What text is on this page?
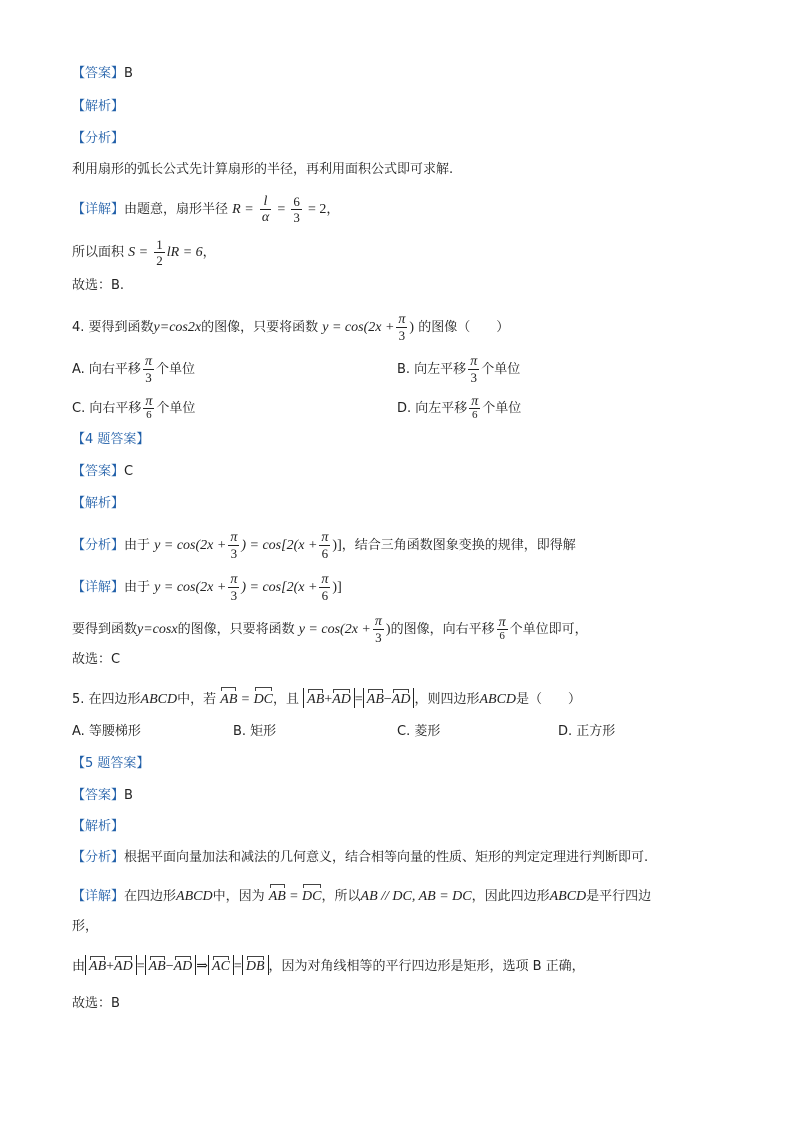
【答案】B
【解析】
【分析】
利用扇形的弧长公式先计算扇形的半径，再利用面积公式即可求解.
【详解】由题意，扇形半径 $R = \frac{l}{\alpha} = \frac{6}{3} = 2$，
所以面积 $S = \frac{1}{2}$ lR = 6，
故选：B.
4. 要得到函数y=cos2x的图像，只要将函数 $y = \cos(2x + \frac{\pi}{3}$ ) 的图像（　　）
A. 向右平移 $\frac{\pi}{3}$ 个单位	B. 向左平移 $\frac{\pi}{3}$ 个单位
C. 向右平移 $\frac{\pi}{6}$ 个单位	D. 向左平移 $\frac{\pi}{6}$ 个单位
【4 题答案】
【答案】C
【解析】
【分析】由于 $y = \cos(2x + \frac{\pi}{3}$ ) = $\cos[2(x + \frac{\pi}{6}$ )]，结合三角函数图象变换的规律，即得解
【详解】由于 $y = \cos(2x + \frac{\pi}{3}$ ) = $\cos[2(x + \frac{\pi}{6}$ )]
要得到函数y=cosx的图像，只要将函数 $y = \cos(2x + \frac{\pi}{3}$ )的图像，向右平移 $\frac{\pi}{6}$ 个单位即可，
故选：C
5. 在四边形ABCD中，若 AB = DC，且 AB+AD = AB−AD ，则四边形ABCD是（　　）
A. 等腰梯形	B. 矩形	C. 菱形	D. 正方形
【5 题答案】
【答案】B
【解析】
【分析】根据平面向量加法和减法的几何意义，结合相等向量的性质、矩形的判定定理进行判断即可.
【详解】在四边形ABCD中，因为 AB = DC，所以AB // DC, AB = DC，因此四边形ABCD是平行四边
形，
由 AB+AD = AB−AD ⇒ AC = DB ，因为对角线相等的平行四边形是矩形，选项 B 正确，
故选：B
